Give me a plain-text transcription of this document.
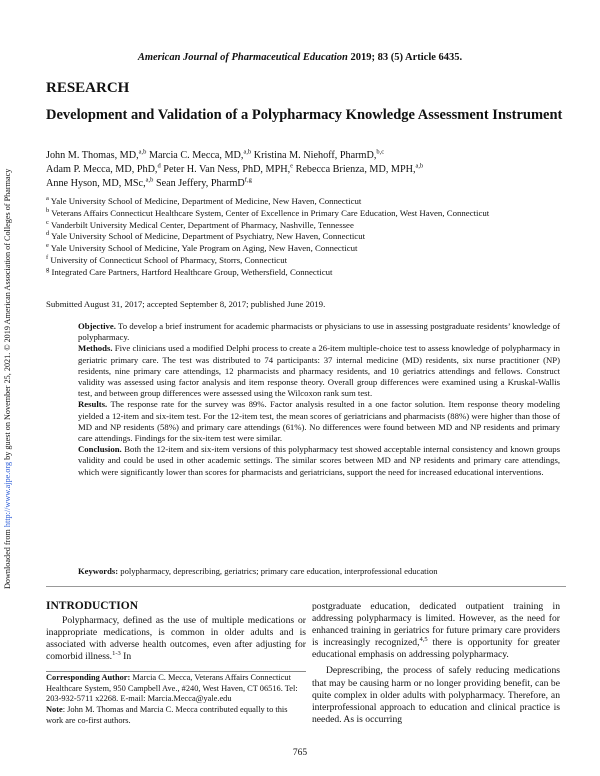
American Journal of Pharmaceutical Education 2019; 83 (5) Article 6435.
Downloaded from http://www.ajpe.org by guest on November 25, 2021. © 2019 American Association of Colleges of Pharmacy
RESEARCH
Development and Validation of a Polypharmacy Knowledge Assessment Instrument
John M. Thomas, MD,$^{a,b}$ Marcia C. Mecca, MD,$^{a,b}$ Kristina M. Niehoff, PharmD,$^{b,c}$
Adam P. Mecca, MD, PhD,$^d$ Peter H. Van Ness, PhD, MPH,$^e$ Rebecca Brienza, MD, MPH,$^{a,b}$
Anne Hyson, MD, MSc,$^{a,b}$ Sean Jeffery, PharmD$^{f,g}$
$^a$ Yale University School of Medicine, Department of Medicine, New Haven, Connecticut
$^b$ Veterans Affairs Connecticut Healthcare System, Center of Excellence in Primary Care Education, West Haven, Connecticut
$^c$ Vanderbilt University Medical Center, Department of Pharmacy, Nashville, Tennessee
$^d$ Yale University School of Medicine, Department of Psychiatry, New Haven, Connecticut
$^e$ Yale University School of Medicine, Yale Program on Aging, New Haven, Connecticut
$^f$ University of Connecticut School of Pharmacy, Storrs, Connecticut
$^g$ Integrated Care Partners, Hartford Healthcare Group, Wethersfield, Connecticut
Submitted August 31, 2017; accepted September 8, 2017; published June 2019.

Objective. To develop a brief instrument for academic pharmacists or physicians to use in assessing postgraduate residents’ knowledge of polypharmacy.

Methods. Five clinicians used a modified Delphi process to create a 26-item multiple-choice test to assess knowledge of polypharmacy in geriatric primary care. The test was distributed to 74 participants: 37 internal medicine (MD) residents, six nurse practitioner (NP) residents, nine primary care attendings, 12 pharmacists and pharmacy residents, and 10 geriatrics attendings and fellows. Construct validity was assessed using factor analysis and item response theory. Overall group differences were examined using a Kruskal-Wallis test, and between group differences were assessed using the Wilcoxon rank sum test.

Results. The response rate for the survey was 89%. Factor analysis resulted in a one factor solution. Item response theory modeling yielded a 12-item and six-item test. For the 12-item test, the mean scores of geriatricians and pharmacists (88%) were higher than those of MD and NP residents (58%) and primary care attendings (61%). No differences were found between MD and NP residents and primary care attendings. Findings for the six-item test were similar.

Conclusion. Both the 12-item and six-item versions of this polypharmacy test showed acceptable internal consistency and known groups validity and could be used in other academic settings. The similar scores between MD and NP residents and primary care attendings, which were significantly lower than scores for pharmacists and geriatricians, support the need for increased educational interventions.

Keywords: polypharmacy, deprescribing, geriatrics; primary care education, interprofessional education
INTRODUCTION

Polypharmacy, defined as the use of multiple medications or inappropriate medications, is common in older adults and is associated with adverse health outcomes, even after adjusting for comorbid illness.$^{1-3}$ In

Corresponding Author: Marcia C. Mecca, Veterans Affairs Connecticut Healthcare System, 950 Campbell Ave., #240, West Haven, CT 06516. Tel: 203-932-5711 x2268. E-mail: Marcia.Mecca@yale.edu
Note: John M. Thomas and Marcia C. Mecca contributed equally to this work are co-first authors.

postgraduate education, dedicated outpatient training in addressing polypharmacy is limited. However, as the need for enhanced training in geriatrics for future primary care providers is increasingly recognized,$^{4,5}$ there is opportunity for greater educational emphasis on addressing polypharmacy.

Deprescribing, the process of safely reducing medications that may be causing harm or no longer providing benefit, can be quite complex in older adults with polypharmacy. Therefore, an interprofessional approach to education and clinical practice is needed. As is occurring

765
